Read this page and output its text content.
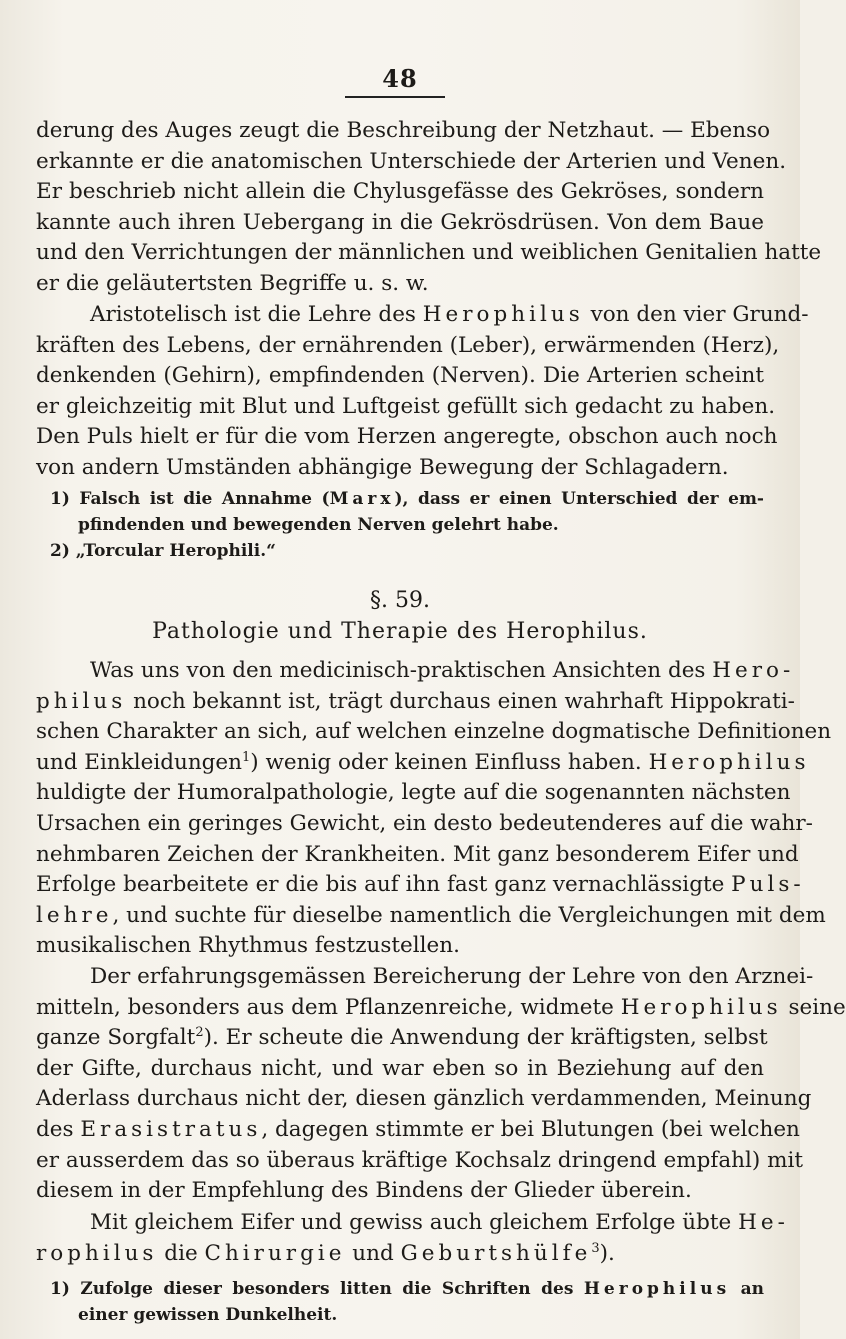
48
derung des Auges zeugt die Beschreibung der Netzhaut. — Ebenso
erkannte er die anatomischen Unterschiede der Arterien und Venen.
Er beschrieb nicht allein die Chylusgefässe des Gekröses, sondern
kannte auch ihren Uebergang in die Gekrösdrüsen. Von dem Baue
und den Verrichtungen der männlichen und weiblichen Genitalien hatte
er die geläutertsten Begriffe u. s. w.
Aristotelisch ist die Lehre des Herophilus von den vier Grund-
kräften des Lebens, der ernährenden (Leber), erwärmenden (Herz),
denkenden (Gehirn), empfindenden (Nerven). Die Arterien scheint
er gleichzeitig mit Blut und Luftgeist gefüllt sich gedacht zu haben.
Den Puls hielt er für die vom Herzen angeregte, obschon auch noch
von andern Umständen abhängige Bewegung der Schlagadern.
1) Falsch ist die Annahme (Marx), dass er einen Unterschied der em-
pfindenden und bewegenden Nerven gelehrt habe.
2) „Torcular Herophili.“
§. 59.
Pathologie und Therapie des Herophilus.
Was uns von den medicinisch-praktischen Ansichten des Hero-
philus noch bekannt ist, trägt durchaus einen wahrhaft Hippokrati-
schen Charakter an sich, auf welchen einzelne dogmatische Definitionen
und Einkleidungen$^1$) wenig oder keinen Einfluss haben. Herophilus
huldigte der Humoralpathologie, legte auf die sogenannten nächsten
Ursachen ein geringes Gewicht, ein desto bedeutenderes auf die wahr-
nehmbaren Zeichen der Krankheiten. Mit ganz besonderem Eifer und
Erfolge bearbeitete er die bis auf ihn fast ganz vernachlässigte Puls-
lehre, und suchte für dieselbe namentlich die Vergleichungen mit dem
musikalischen Rhythmus festzustellen.
Der erfahrungsgemässen Bereicherung der Lehre von den Arznei-
mitteln, besonders aus dem Pflanzenreiche, widmete Herophilus seine
ganze Sorgfalt$^2$). Er scheute die Anwendung der kräftigsten, selbst
der Gifte, durchaus nicht, und war eben so in Beziehung auf den
Aderlass durchaus nicht der, diesen gänzlich verdammenden, Meinung
des Erasistratus, dagegen stimmte er bei Blutungen (bei welchen
er ausserdem das so überaus kräftige Kochsalz dringend empfahl) mit
diesem in der Empfehlung des Bindens der Glieder überein.
Mit gleichem Eifer und gewiss auch gleichem Erfolge übte He-
rophilus die Chirurgie und Geburtshülfe$^3$).
1) Zufolge dieser besonders litten die Schriften des Herophilus an
einer gewissen Dunkelheit.
